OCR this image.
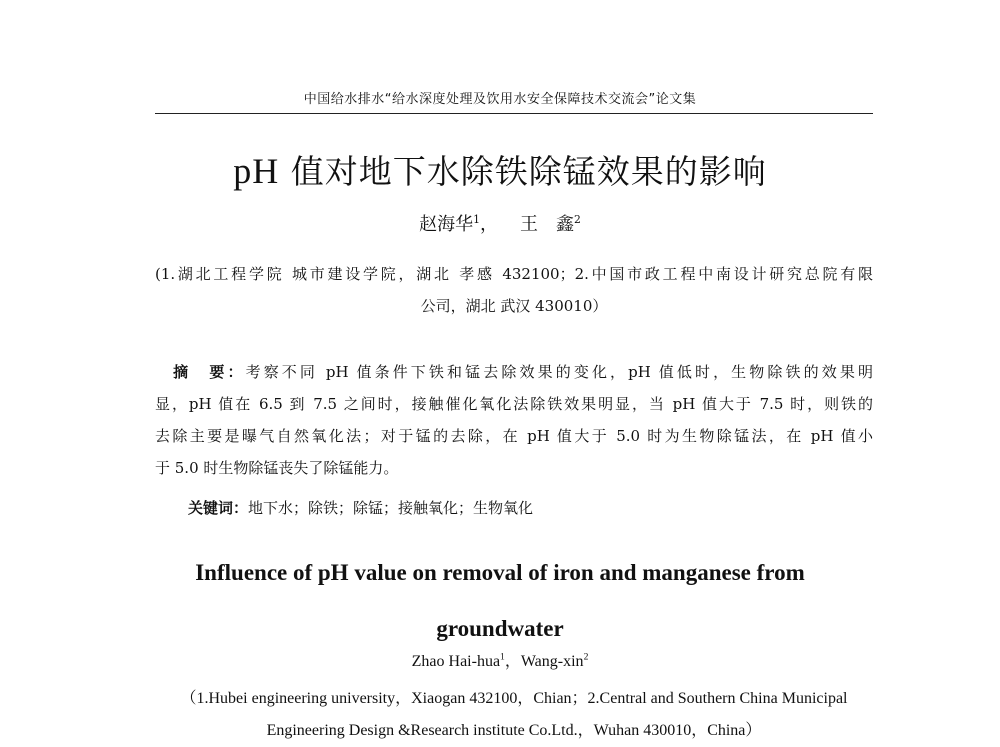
中国给水排水“给水深度处理及饮用水安全保障技术交流会”论文集
pH 值对地下水除铁除锰效果的影响
赵海华$^1$， 王　鑫$^2$
(1.湖北工程学院 城市建设学院，湖北 孝感 432100；2.中国市政工程中南设计研究总院有限
公司，湖北 武汉 430010）
　摘　要：考察不同 pH 值条件下铁和锰去除效果的变化，pH 值低时，生物除铁的效果明
显，pH 值在 6.5 到 7.5 之间时，接触催化氧化法除铁效果明显，当 pH 值大于 7.5 时，则铁的
去除主要是曝气自然氧化法；对于锰的去除，在 pH 值大于 5.0 时为生物除锰法，在 pH 值小
于 5.0 时生物除锰丧失了除锰能力。
关键词：地下水；除铁；除锰；接触氧化；生物氧化
Influence of pH value on removal of iron and manganese from
groundwater
Zhao Hai-hua$^1$，Wang-xin$^2$
（1.Hubei engineering university，Xiaogan 432100，Chian；2.Central and Southern China Municipal
Engineering Design &Research institute Co.Ltd.，Wuhan 430010，China）
